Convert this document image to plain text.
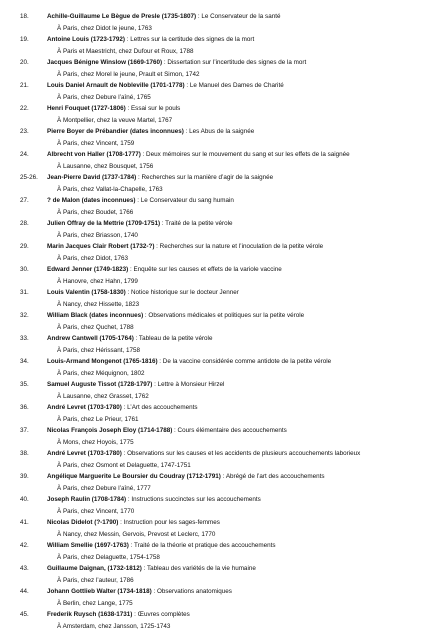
18.	Achille-Guillaume Le Bègue de Presle (1735-1807) : Le Conservateur de la santé
À Paris, chez Didot le jeune, 1763
19.	Antoine Louis (1723-1792) : Lettres sur la certitude des signes de la mort
À Paris et Maestricht, chez Dufour et Roux, 1788
20.	Jacques Bénigne Winslow (1669-1760) : Dissertation sur l’incertitude des signes de la mort
À Paris, chez Morel le jeune, Prault et Simon, 1742
21.	Louis Daniel Arnault de Nobleville (1701-1778) : Le Manuel des Dames de Charité
À Paris, chez Debure l’aîné, 1765
22.	Henri Fouquet (1727-1806) : Essai sur le pouls
À Montpellier, chez la veuve Martel, 1767
23.	Pierre Boyer de Prébandier (dates inconnues) : Les Abus de la saignée
À Paris, chez Vincent, 1759
24.	Albrecht von Haller (1708-1777) : Deux mémoires sur le mouvement du sang et sur les effets de la saignée
À Lausanne, chez Bousquet, 1756
25-26. Jean-Pierre David (1737-1784) : Recherches sur la manière d’agir de la saignée
À Paris, chez Vallat-la-Chapelle, 1763
27.	? de Malon (dates inconnues) : Le Conservateur du sang humain
À Paris, chez Boudet, 1766
28.	Julien Offray de la Mettrie (1709-1751) : Traité de la petite vérole
À Paris, chez Briasson, 1740
29.	Marin Jacques Clair Robert (1732-?) : Recherches sur la nature et l’inoculation de la petite vérole
À Paris, chez Didot, 1763
30.	Edward Jenner (1749-1823) : Enquête sur les causes et effets de la variole vaccine
À Hanovre, chez Hahn, 1799
31.	Louis Valentin (1758-1830) : Notice historique sur le docteur Jenner
À Nancy, chez Hissette, 1823
32.	William Black (dates inconnues) : Observations médicales et politiques sur la petite vérole
À Paris, chez Quchet, 1788
33.	Andrew Cantwell (1705-1764) : Tableau de la petite vérole
À Paris, chez Hérissant, 1758
34.	Louis-Armand Mongenot (1765-1816) : De la vaccine considérée comme antidote de la petite vérole
À Paris, chez Méquignon, 1802
35.	Samuel Auguste Tissot (1728-1797) : Lettre à Monsieur Hirzel
À Lausanne, chez Grasset, 1762
36.	André Levret (1703-1780) : L’Art des accouchements
À Paris, chez Le Prieur, 1761
37.	Nicolas François Joseph Eloy (1714-1788) : Cours élémentaire des accouchements
À Mons, chez Hoyois, 1775
38.	André Levret (1703-1780) : Observations sur les causes et les accidents de plusieurs accouchements laborieux
À Paris, chez Osmont et Delaguette, 1747-1751
39.	Angélique Marguerite Le Boursier du Coudray (1712-1791) : Abrégé de l’art des accouchements
À Paris, chez Debure l’aîné, 1777
40.	Joseph Raulin (1708-1784) : Instructions succinctes sur les accouchements
À Paris, chez Vincent, 1770
41.	Nicolas Didelot (?-1790) : Instruction pour les sages-femmes
À Nancy, chez Messin, Gervois, Prevost et Leclerc, 1770
42.	William Smellie (1697-1763) : Traité de la théorie et pratique des accouchements
À Paris, chez Delaguette, 1754-1758
43.	Guillaume Daignan, (1732-1812) : Tableau des variétés de la vie humaine
À Paris, chez l’auteur, 1786
44.	Johann Gottlieb Walter (1734-1818) : Observations anatomiques
À Berlin, chez Lange, 1775
45.	Frederik Ruysch (1638-1731) : Œuvres complètes
À Amsterdam, chez Jansson, 1725-1743
